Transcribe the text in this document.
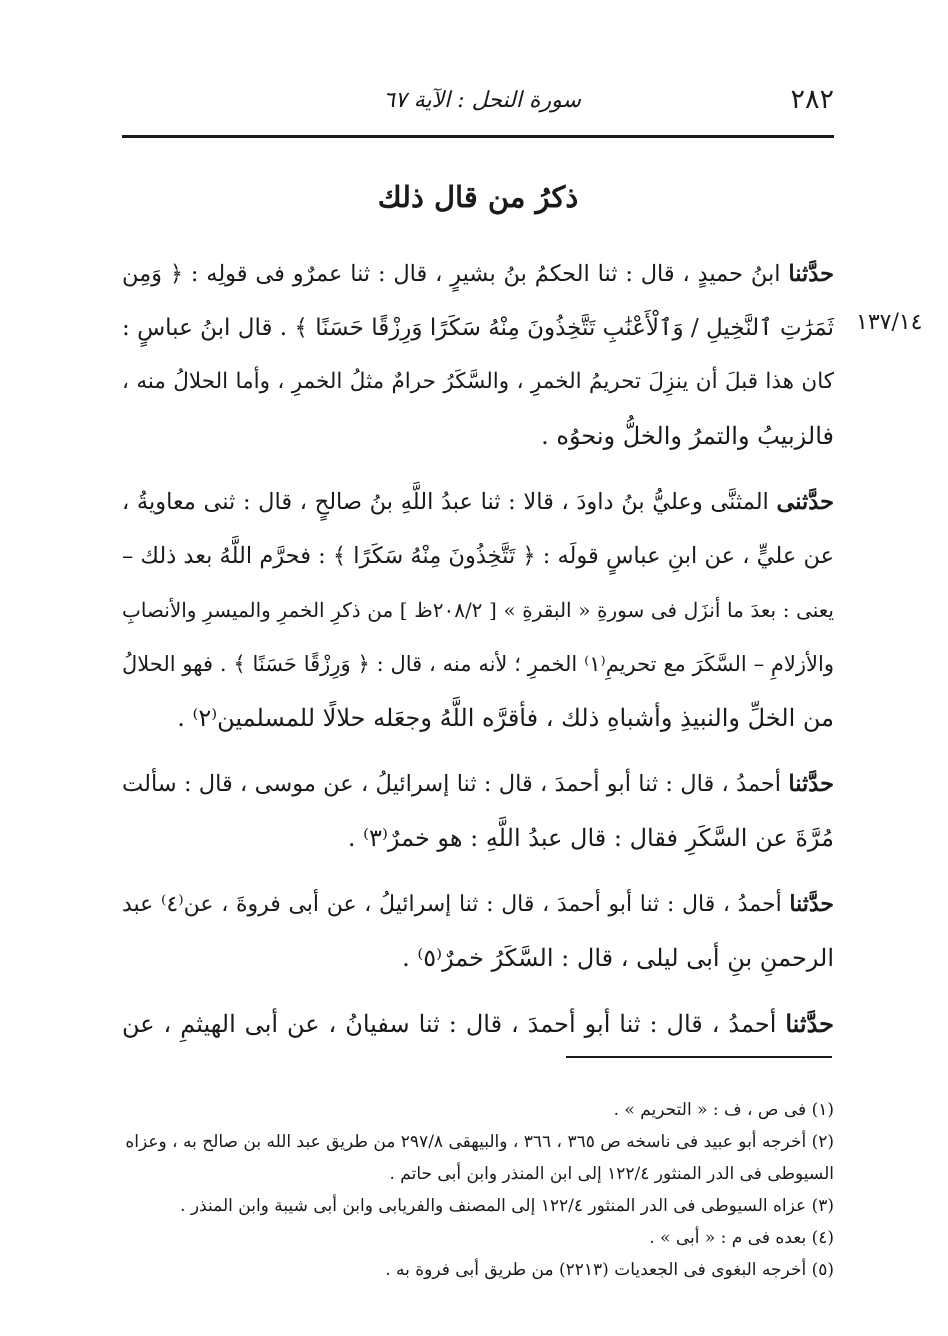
٢٨٢
سورة النحل : الآية ٦٧
ذكرُ من قال ذلك
١٣٧/١٤
حدَّثنا ابنُ حميدٍ ، قال : ثنا الحكمُ بنُ بشيرٍ ، قال : ثنا عمرٌو فى قولِه : ﴿ وَمِن
ثَمَرَٰتِ ٱلنَّخِيلِ / وَٱلْأَعْنَٰبِ تَتَّخِذُونَ مِنْهُ سَكَرًا وَرِزْقًا حَسَنًا ﴾ . قال ابنُ عباسٍ :
كان هذا قبلَ أن ينزِلَ تحريمُ الخمرِ ، والسَّكَرُ حرامٌ مثلُ الخمرِ ، وأما الحلالُ منه ،
فالزبيبُ والتمرُ والخلُّ ونحوُه .
حدَّثنى المثنَّى وعليُّ بنُ داودَ ، قالا : ثنا عبدُ اللَّهِ بنُ صالحٍ ، قال : ثنى معاويةُ ،
عن عليٍّ ، عن ابنِ عباسٍ قولَه : ﴿ تَتَّخِذُونَ مِنْهُ سَكَرًا ﴾ : فحرَّم اللَّهُ بعد ذلك –
يعنى : بعدَ ما أنزَل فى سورةِ « البقرةِ » [ ٢٠٨/٢ظ ] من ذكرِ الخمرِ والميسرِ والأنصابِ
والأزلامِ – السَّكَرَ مع تحريمِ⁽١⁾ الخمرِ ؛ لأنه منه ، قال : ﴿ وَرِزْقًا حَسَنًا ﴾ . فهو الحلالُ
من الخلِّ والنبيذِ وأشباهِ ذلك ، فأقرَّه اللَّهُ وجعَله حلالًا للمسلمين⁽٢⁾ .
حدَّثنا أحمدُ ، قال : ثنا أبو أحمدَ ، قال : ثنا إسرائيلُ ، عن موسى ، قال : سألت
مُرَّةَ عن السَّكَرِ فقال : قال عبدُ اللَّهِ : هو خمرٌ⁽٣⁾ .
حدَّثنا أحمدُ ، قال : ثنا أبو أحمدَ ، قال : ثنا إسرائيلُ ، عن أبى فروةَ ، عن⁽٤⁾ عبد
الرحمنِ بنِ أبى ليلى ، قال : السَّكَرُ خمرٌ⁽٥⁾ .
حدَّثنا أحمدُ ، قال : ثنا أبو أحمدَ ، قال : ثنا سفيانُ ، عن أبى الهيثمِ ، عن
(١) فى ص ، ف : « التحريم » .
(٢) أخرجه أبو عبيد فى ناسخه ص ٣٦٥ ، ٣٦٦ ، والبيهقى ٢٩٧/٨ من طريق عبد الله بن صالح به ، وعزاه
السيوطى فى الدر المنثور ١٢٢/٤ إلى ابن المنذر وابن أبى حاتم .
(٣) عزاه السيوطى فى الدر المنثور ١٢٢/٤ إلى المصنف والفريابى وابن أبى شيبة وابن المنذر .
(٤) بعده فى م : « أبى » .
(٥) أخرجه البغوى فى الجعديات (٢٢١٣) من طريق أبى فروة به .
